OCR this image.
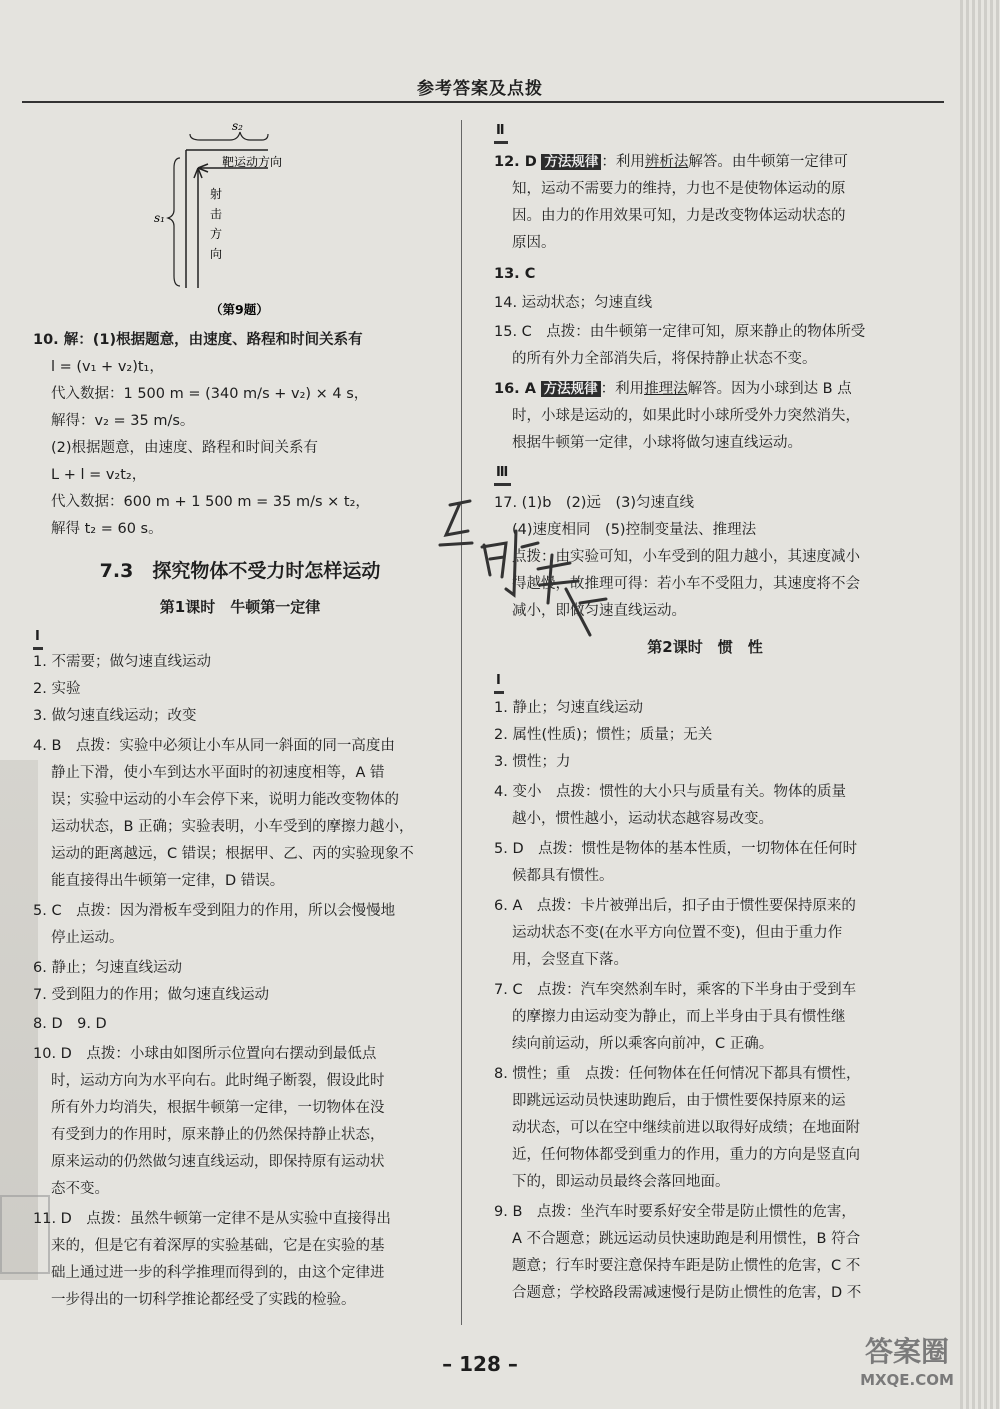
参考答案及点拨
s₂
s₁
靶运动方向
射
击
方
向
（第9题）
10. 解：(1)根据题意，由速度、路程和时间关系有
l = (v₁ + v₂)t₁，
代入数据：1 500 m = (340 m/s + v₂) × 4 s，
解得：v₂ = 35 m/s。
(2)根据题意，由速度、路程和时间关系有
L + l = v₂t₂，
代入数据：600 m + 1 500 m = 35 m/s × t₂，
解得 t₂ = 60 s。
7.3　 探究物体不受力时怎样运动
第1课时　牛顿第一定律
Ⅰ
1. 不需要；做匀速直线运动
2. 实验
3. 做匀速直线运动；改变
4. B　点拨：实验中必须让小车从同一斜面的同一高度由
静止下滑，使小车到达水平面时的初速度相等，A 错
误；实验中运动的小车会停下来，说明力能改变物体的
运动状态，B 正确；实验表明，小车受到的摩擦力越小，
运动的距离越远，C 错误；根据甲、乙、丙的实验现象不
能直接得出牛顿第一定律，D 错误。
5. C　点拨：因为滑板车受到阻力的作用，所以会慢慢地
停止运动。
6. 静止；匀速直线运动
7. 受到阻力的作用；做匀速直线运动
8. D　9. D
10. D　点拨：小球由如图所示位置向右摆动到最低点
时，运动方向为水平向右。此时绳子断裂，假设此时
所有外力均消失，根据牛顿第一定律，一切物体在没
有受到力的作用时，原来静止的仍然保持静止状态，
原来运动的仍然做匀速直线运动，即保持原有运动状
态不变。
11. D　点拨：虽然牛顿第一定律不是从实验中直接得出
来的，但是它有着深厚的实验基础，它是在实验的基
础上通过进一步的科学推理而得到的，由这个定律进
一步得出的一切科学推论都经受了实践的检验。
Ⅱ
12. D 方法规律 ：利用辨析法解答。由牛顿第一定律可
知，运动不需要力的维持，力也不是使物体运动的原
因。由力的作用效果可知，力是改变物体运动状态的
原因。
13. C
14. 运动状态；匀速直线
15. C　点拨：由牛顿第一定律可知，原来静止的物体所受
的所有外力全部消失后，将保持静止状态不变。
16. A 方法规律 ：利用推理法解答。因为小球到达 B 点
时，小球是运动的，如果此时小球所受外力突然消失，
根据牛顿第一定律，小球将做匀速直线运动。
Ⅲ
17. (1)b　(2)远　(3)匀速直线
(4)速度相同　(5)控制变量法、推理法
点拨：由实验可知，小车受到的阻力越小，其速度减小
得越慢，故推理可得：若小车不受阻力，其速度将不会
减小，即做匀速直线运动。
第2课时　惯　性
Ⅰ
1. 静止；匀速直线运动
2. 属性(性质)；惯性；质量；无关
3. 惯性；力
4. 变小　点拨：惯性的大小只与质量有关。物体的质量
越小，惯性越小，运动状态越容易改变。
5. D　点拨：惯性是物体的基本性质，一切物体在任何时
候都具有惯性。
6. A　点拨：卡片被弹出后，扣子由于惯性要保持原来的
运动状态不变(在水平方向位置不变)，但由于重力作
用，会竖直下落。
7. C　点拨：汽车突然刹车时，乘客的下半身由于受到车
的摩擦力由运动变为静止，而上半身由于具有惯性继
续向前运动，所以乘客向前冲，C 正确。
8. 惯性；重　点拨：任何物体在任何情况下都具有惯性，
即跳远运动员快速助跑后，由于惯性要保持原来的运
动状态，可以在空中继续前进以取得好成绩；在地面附
近，任何物体都受到重力的作用，重力的方向是竖直向
下的，即运动员最终会落回地面。
9. B　点拨：坐汽车时要系好安全带是防止惯性的危害，
A 不合题意；跳远运动员快速助跑是利用惯性，B 符合
题意；行车时要注意保持车距是防止惯性的危害，C 不
合题意；学校路段需减速慢行是防止惯性的危害，D 不
– 128 –	答案圈
MXQE.COM
